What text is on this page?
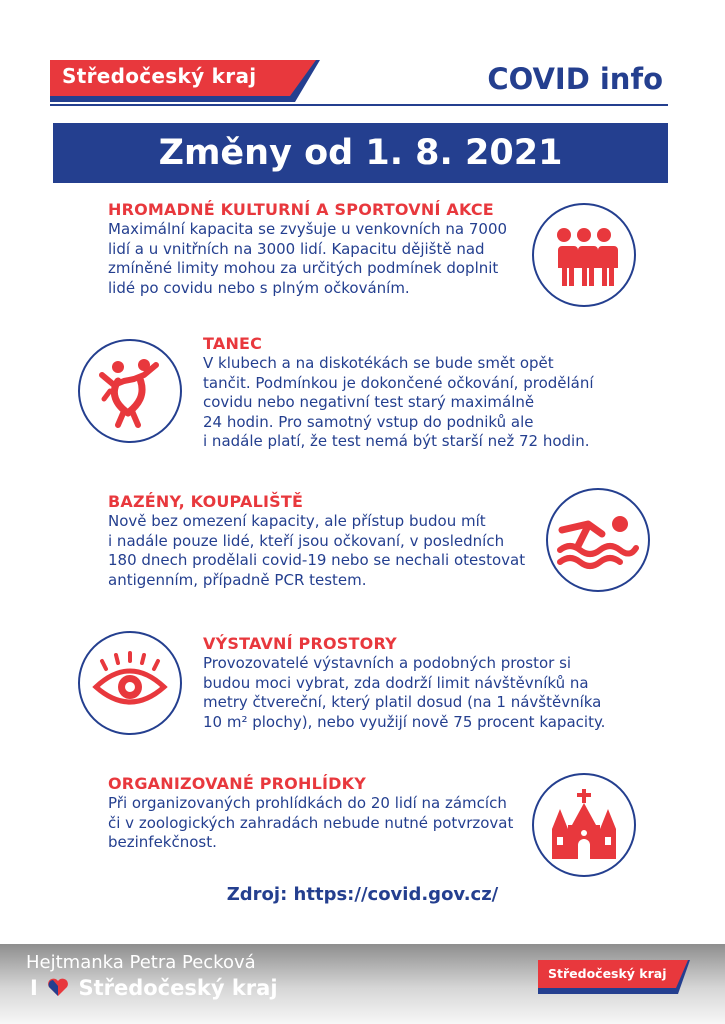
Středočeský kraj	COVID info
Změny od 1. 8. 2021
HROMADNÉ KULTURNÍ A SPORTOVNÍ AKCE
Maximální kapacita se zvyšuje u venkovních na 7000
lidí a u vnitřních na 3000 lidí. Kapacitu dějiště nad
zmíněné limity mohou za určitých podmínek doplnit
lidé po covidu nebo s plným očkováním.
TANEC
V klubech a na diskotékách se bude smět opět
tančit. Podmínkou je dokončené očkování, prodělání
covidu nebo negativní test starý maximálně
24 hodin. Pro samotný vstup do podniků ale
i nadále platí, že test nemá být starší než 72 hodin.
BAZÉNY, KOUPALIŠTĚ
Nově bez omezení kapacity, ale přístup budou mít
i nadále pouze lidé, kteří jsou očkovaní, v posledních
180 dnech prodělali covid-19 nebo se nechali otestovat
antigenním, případně PCR testem.
VÝSTAVNÍ PROSTORY
Provozovatelé výstavních a podobných prostor si
budou moci vybrat, zda dodrží limit návštěvníků na
metry čtvereční, který platil dosud (na 1 návštěvníka
10 m² plochy), nebo využijí nově 75 procent kapacity.
ORGANIZOVANÉ PROHLÍDKY
Při organizovaných prohlídkách do 20 lidí na zámcích
či v zoologických zahradách nebude nutné potvrzovat
bezinfekčnost.
Zdroj: https://covid.gov.cz/
Hejtmanka Petra Pecková
I Středočeský kraj
Středočeský kraj
